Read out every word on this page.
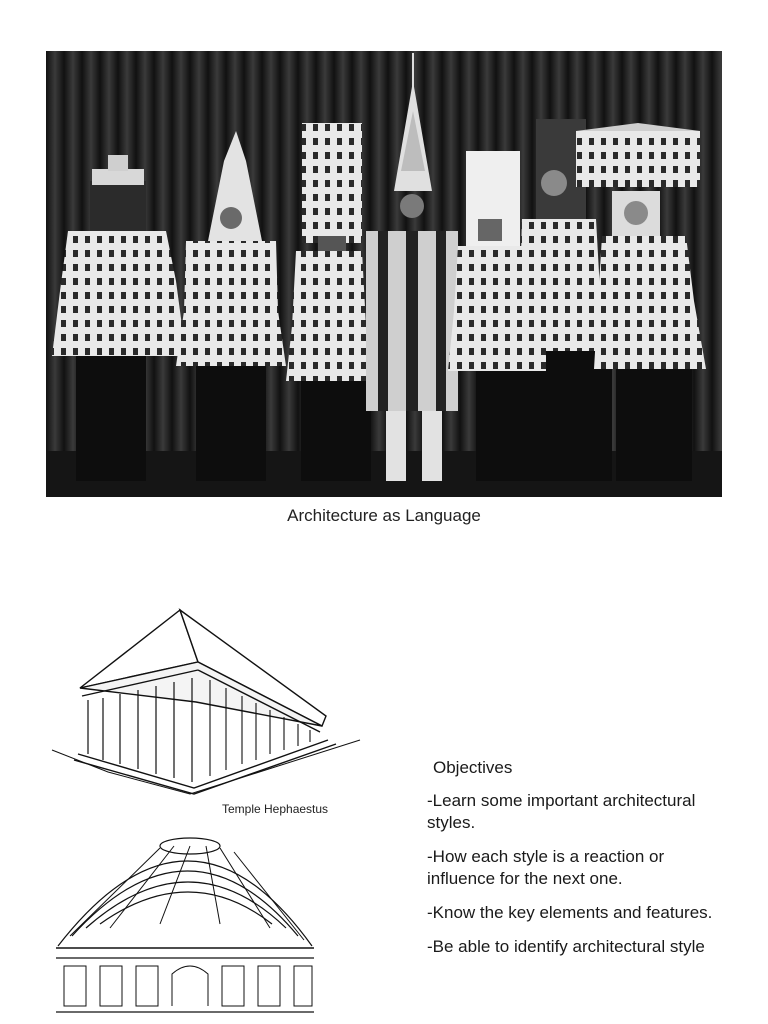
Architecture as Language
Temple Hephaestus
Objectives
-Learn some important architectural styles.
-How each style is a reaction or influence for the next one.
-Know the key elements and features.
-Be able to identify architectural style
